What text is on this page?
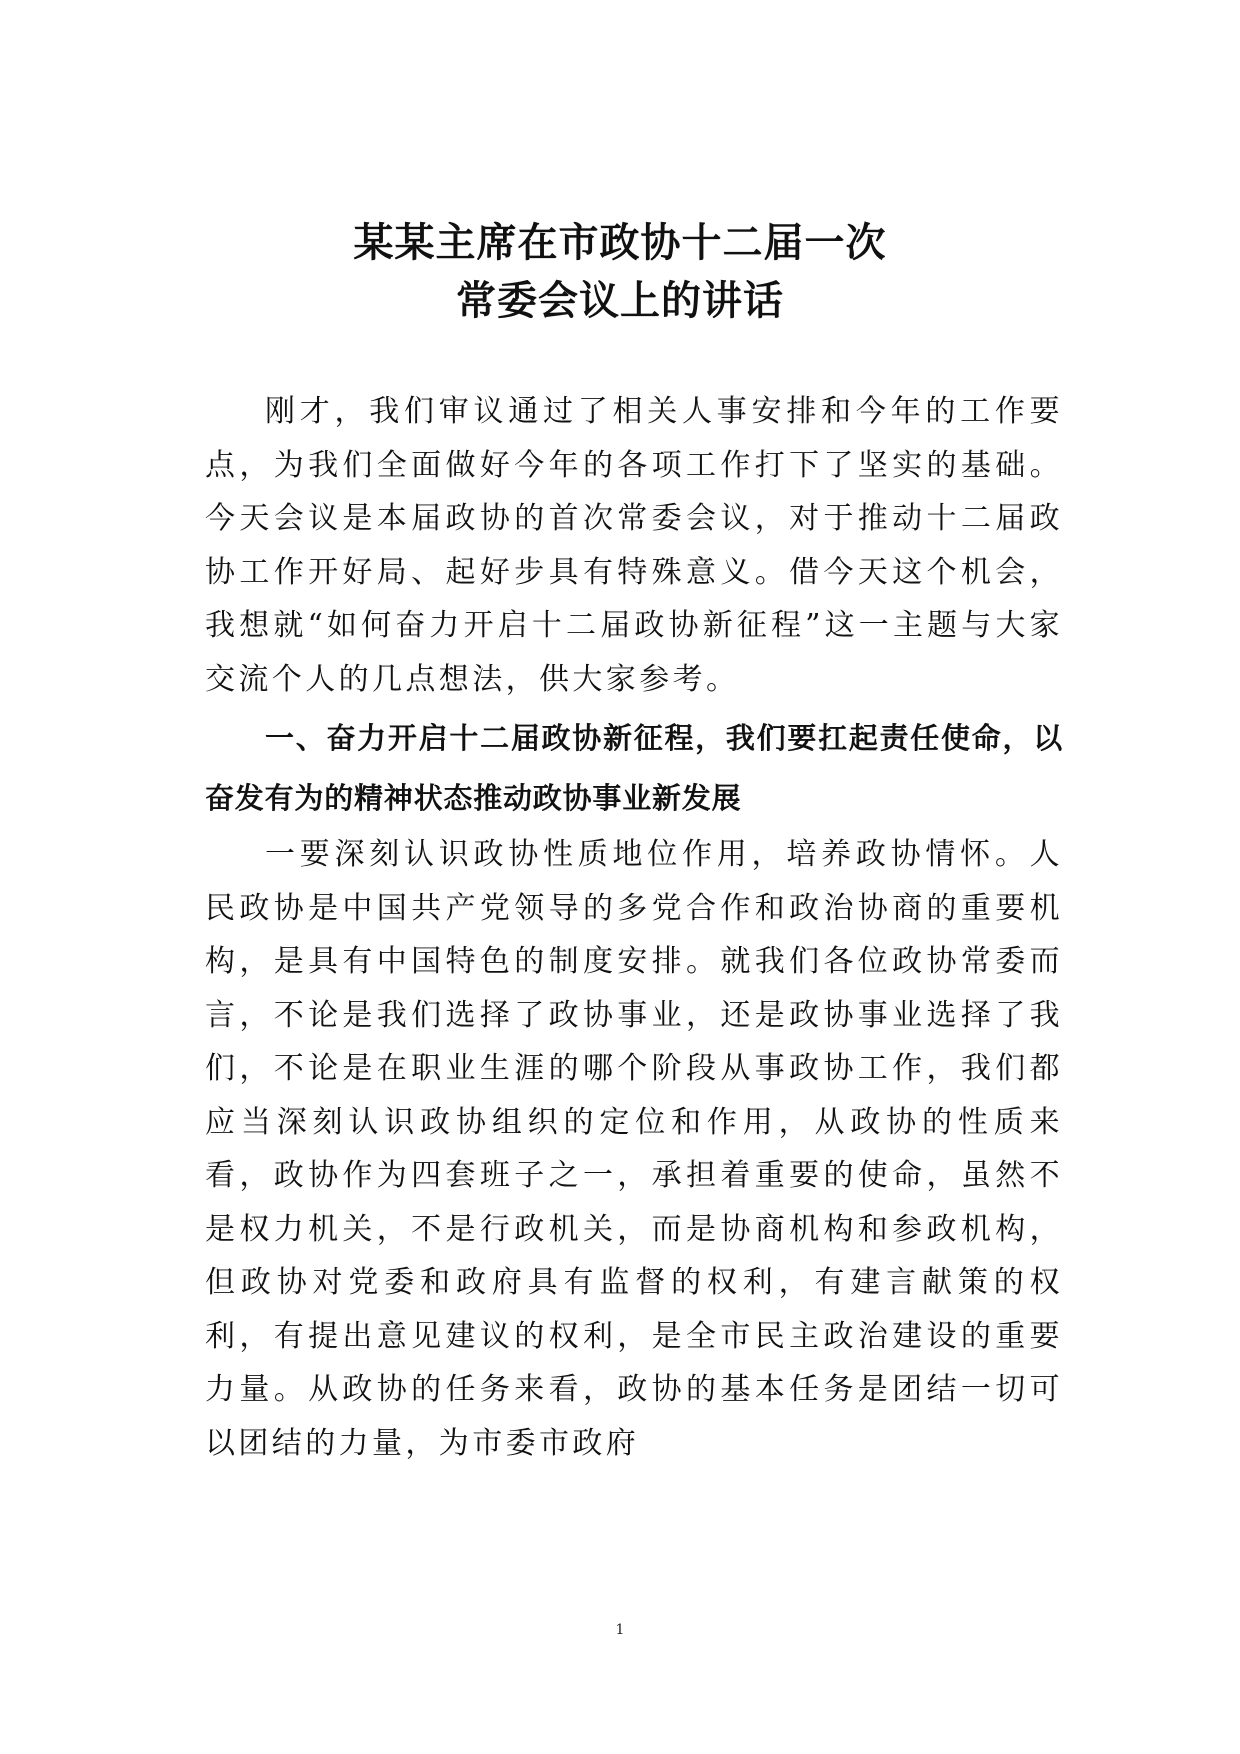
某某主席在市政协十二届一次
常委会议上的讲话

刚才，我们审议通过了相关人事安排和今年的工作要点，为我们全面做好今年的各项工作打下了坚实的基础。今天会议是本届政协的首次常委会议，对于推动十二届政协工作开好局、起好步具有特殊意义。借今天这个机会，我想就“如何奋力开启十二届政协新征程”这一主题与大家交流个人的几点想法，供大家参考。

一、奋力开启十二届政协新征程，我们要扛起责任使命，以奋发有为的精神状态推动政协事业新发展

一要深刻认识政协性质地位作用，培养政协情怀。人民政协是中国共产党领导的多党合作和政治协商的重要机构，是具有中国特色的制度安排。就我们各位政协常委而言，不论是我们选择了政协事业，还是政协事业选择了我们，不论是在职业生涯的哪个阶段从事政协工作，我们都应当深刻认识政协组织的定位和作用，从政协的性质来看，政协作为四套班子之一，承担着重要的使命，虽然不是权力机关，不是行政机关，而是协商机构和参政机构，但政协对党委和政府具有监督的权利，有建言献策的权利，有提出意见建议的权利，是全市民主政治建设的重要力量。从政协的任务来看，政协的基本任务是团结一切可以团结的力量，为市委市政府

1
